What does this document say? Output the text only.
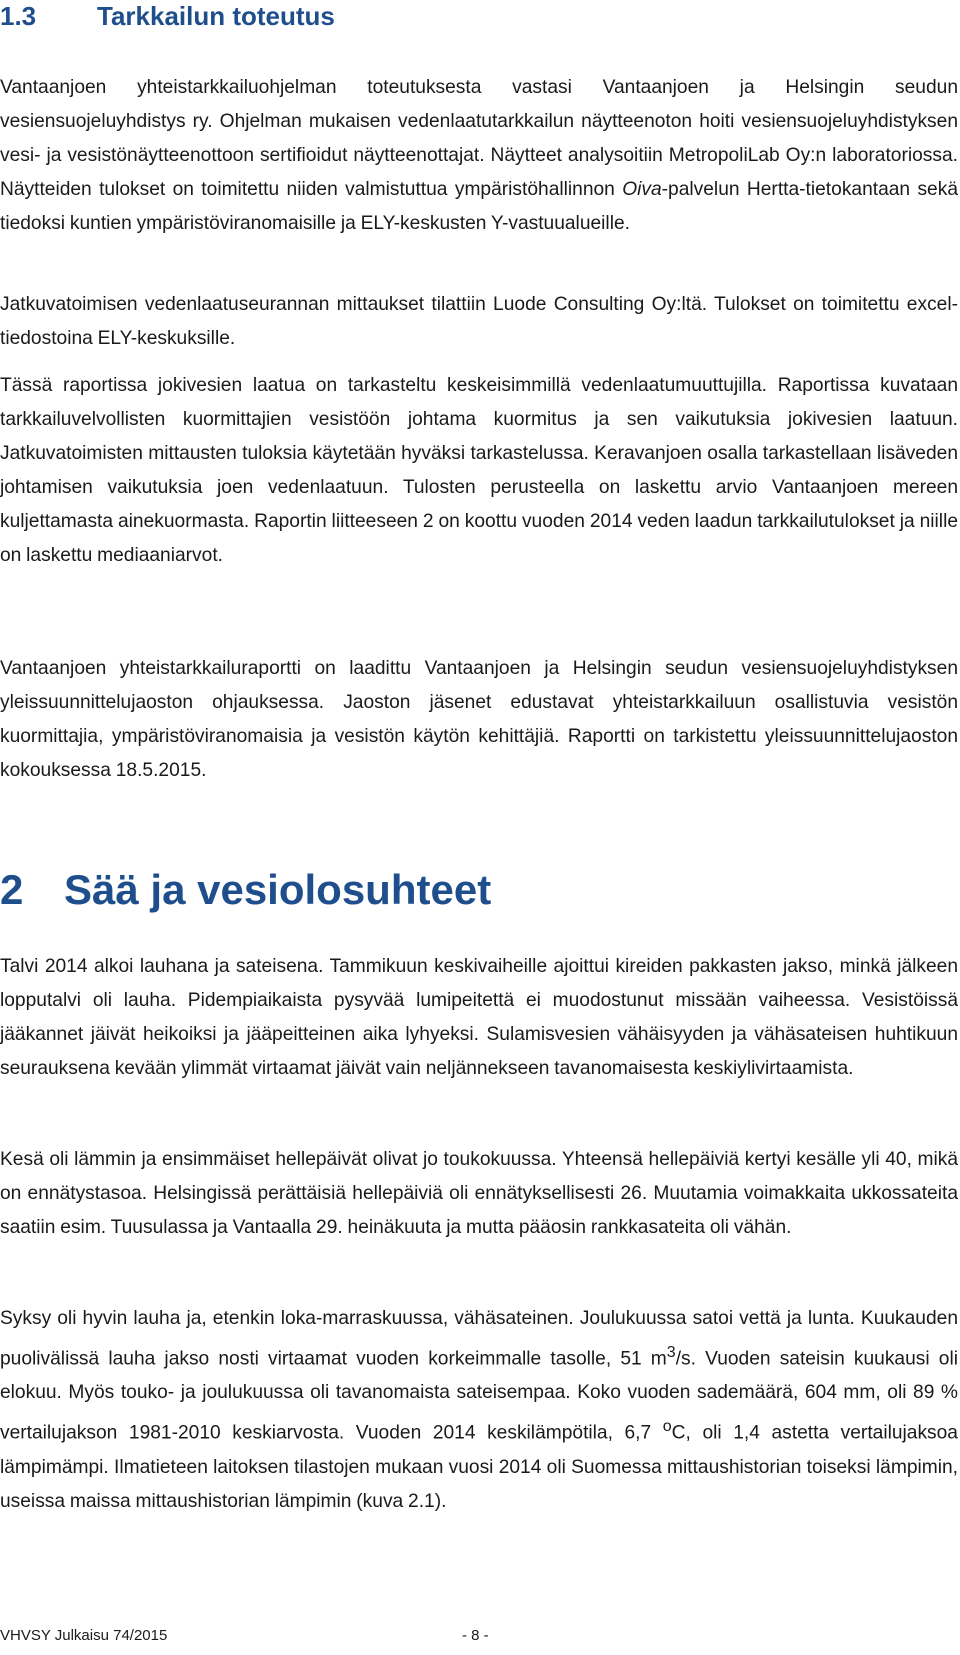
1.3 Tarkkailun toteutus

Vantaanjoen yhteistarkkailuohjelman toteutuksesta vastasi Vantaanjoen ja Helsingin seudun vesiensuojeluyhdistys ry. Ohjelman mukaisen vedenlaatutarkkailun näytteenoton hoiti vesiensuojeluyhdistyksen vesi- ja vesistönäytteenottoon sertifioidut näytteenottajat. Näytteet analysoitiin MetropoliLab Oy:n laboratoriossa. Näytteiden tulokset on toimitettu niiden valmistuttua ympäristöhallinnon Oiva-palvelun Hertta-tietokantaan sekä tiedoksi kuntien ympäristöviranomaisille ja ELY-keskusten Y-vastuualueille.

Jatkuvatoimisen vedenlaatuseurannan mittaukset tilattiin Luode Consulting Oy:ltä. Tulokset on toimitettu excel-tiedostoina ELY-keskuksille.

Tässä raportissa jokivesien laatua on tarkasteltu keskeisimmillä vedenlaatumuuttujilla. Raportissa kuvataan tarkkailuvelvollisten kuormittajien vesistöön johtama kuormitus ja sen vaikutuksia jokivesien laatuun. Jatkuvatoimisten mittausten tuloksia käytetään hyväksi tarkastelussa. Keravanjoen osalla tarkastellaan lisäveden johtamisen vaikutuksia joen vedenlaatuun. Tulosten perusteella on laskettu arvio Vantaanjoen mereen kuljettamasta ainekuormasta. Raportin liitteeseen 2 on koottu vuoden 2014 veden laadun tarkkailutulokset ja niille on laskettu mediaaniarvot.

Vantaanjoen yhteistarkkailuraportti on laadittu Vantaanjoen ja Helsingin seudun vesiensuojeluyhdistyksen yleissuunnittelujaoston ohjauksessa. Jaoston jäsenet edustavat yhteistarkkailuun osallistuvia vesistön kuormittajia, ympäristöviranomaisia ja vesistön käytön kehittäjiä. Raportti on tarkistettu yleissuunnittelujaoston kokouksessa 18.5.2015.

2 Sää ja vesiolosuhteet

Talvi 2014 alkoi lauhana ja sateisena. Tammikuun keskivaiheille ajoittui kireiden pakkasten jakso, minkä jälkeen lopputalvi oli lauha. Pidempiaikaista pysyvää lumipeitettä ei muodostunut missään vaiheessa. Vesistöissä jääkannet jäivät heikoiksi ja jääpeitteinen aika lyhyeksi. Sulamisvesien vähäisyyden ja vähäsateisen huhtikuun seurauksena kevään ylimmät virtaamat jäivät vain neljännekseen tavanomaisesta keskiylivirtaamista.

Kesä oli lämmin ja ensimmäiset hellepäivät olivat jo toukokuussa. Yhteensä hellepäiviä kertyi kesälle yli 40, mikä on ennätystasoa. Helsingissä perättäisiä hellepäiviä oli ennätyksellisesti 26. Muutamia voimakkaita ukkossateita saatiin esim. Tuusulassa ja Vantaalla 29. heinäkuuta ja mutta pääosin rankkasateita oli vähän.

Syksy oli hyvin lauha ja, etenkin loka-marraskuussa, vähäsateinen. Joulukuussa satoi vettä ja lunta. Kuukauden puolivälissä lauha jakso nosti virtaamat vuoden korkeimmalle tasolle, 51 $m^3/s$. Vuoden sateisin kuukausi oli elokuu. Myös touko- ja joulukuussa oli tavanomaista sateisempaa. Koko vuoden sademäärä, 604 mm, oli 89 % vertailujakson 1981-2010 keskiarvosta. Vuoden 2014 keskilämpötila, 6,7 $^o$C, oli 1,4 astetta vertailujaksoa lämpimämpi. Ilmatieteen laitoksen tilastojen mukaan vuosi 2014 oli Suomessa mittaushistorian toiseksi lämpimin, useissa maissa mittaushistorian lämpimin (kuva 2.1).

VHVSY Julkaisu 74/2015	- 8 -
